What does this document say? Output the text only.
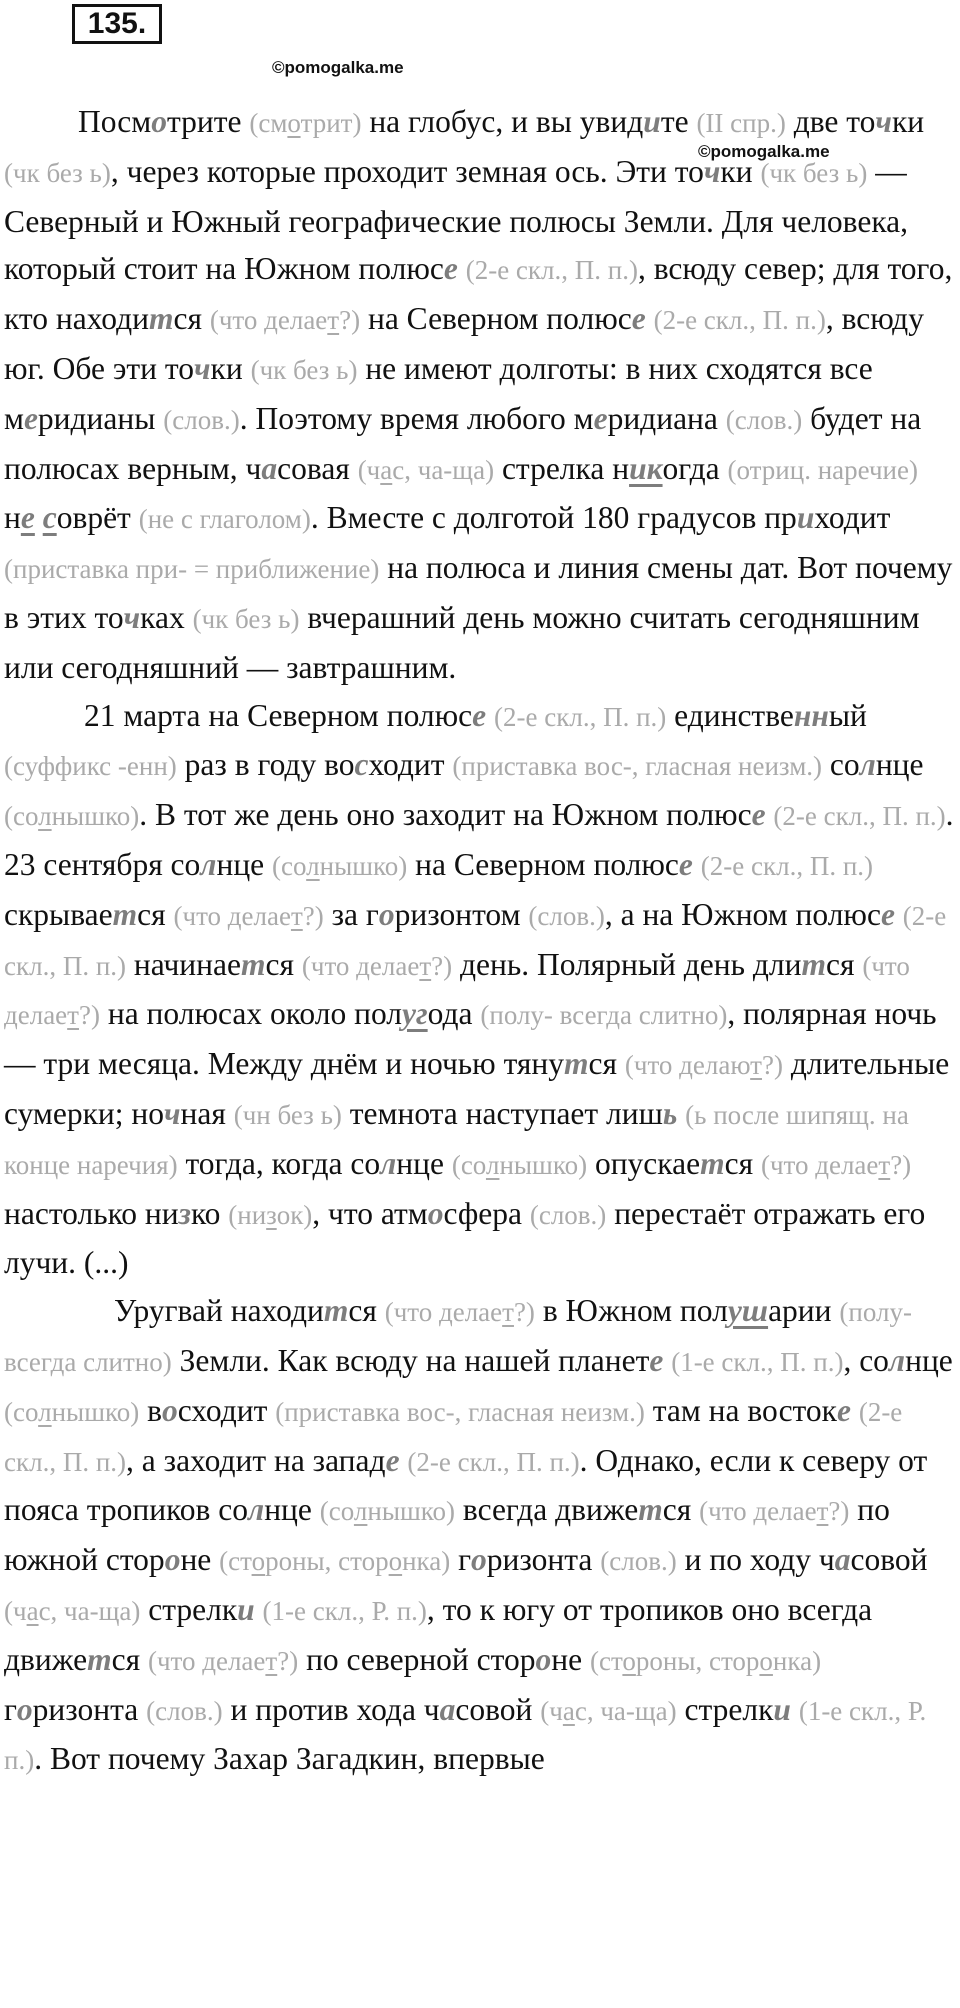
135.
©pomogalka.me
©pomogalka.me

Посмотрите (смотрит) на глобус, и вы увидите (II спр.) две точки (чк без ь), через которые проходит земная ось. Эти точки (чк без ь) — Северный и Южный географические полюсы Земли. Для человека, который стоит на Южном полюсе (2-е скл., П. п.), всюду север; для того, кто находится (что делает?) на Северном полюсе (2-е скл., П. п.), всюду юг. Обе эти точки (чк без ь) не имеют долготы: в них сходятся все меридианы (слов.). Поэтому время любого меридиана (слов.) будет на полюсах верным, часовая (час, ча-ща) стрелка никогда (отриц. наречие) не соврёт (не с глаголом). Вместе с долготой 180 градусов приходит (приставка при- = приближение) на полюса и линия смены дат. Вот почему в этих точках (чк без ь) вчерашний день можно считать сегодняшним или сегодняшний — завтрашним.

21 марта на Северном полюсе (2-е скл., П. п.) единственный (суффикс -енн) раз в году восходит (приставка вос-, гласная неизм.) солнце (солнышко). В тот же день оно заходит на Южном полюсе (2-е скл., П. п.). 23 сентября солнце (солнышко) на Северном полюсе (2-е скл., П. п.) скрывается (что делает?) за горизонтом (слов.), а на Южном полюсе (2-е скл., П. п.) начинается (что делает?) день. Полярный день длится (что делает?) на полюсах около полугода (полу- всегда слитно), полярная ночь — три месяца. Между днём и ночью тянутся (что делают?) длительные сумерки; ночная (чн без ь) темнота наступает лишь (ь после шипящ. на конце наречия) тогда, когда солнце (солнышко) опускается (что делает?) настолько низко (низок), что атмосфера (слов.) перестаёт отражать его лучи. (...)

Уругвай находится (что делает?) в Южном полушарии (полу- всегда слитно) Земли. Как всюду на нашей планете (1-е скл., П. п.), солнце (солнышко) восходит (приставка вос-, гласная неизм.) там на востоке (2-е скл., П. п.), а заходит на западе (2-е скл., П. п.). Однако, если к северу от пояса тропиков солнце (солнышко) всегда движется (что делает?) по южной стороне (стороны, сторонка) горизонта (слов.) и по ходу часовой (час, ча-ща) стрелки (1-е скл., Р. п.), то к югу от тропиков оно всегда движется (что делает?) по северной стороне (стороны, сторонка) горизонта (слов.) и против хода часовой (час, ча-ща) стрелки (1-е скл., Р. п.). Вот почему Захар Загадкин, впервые
